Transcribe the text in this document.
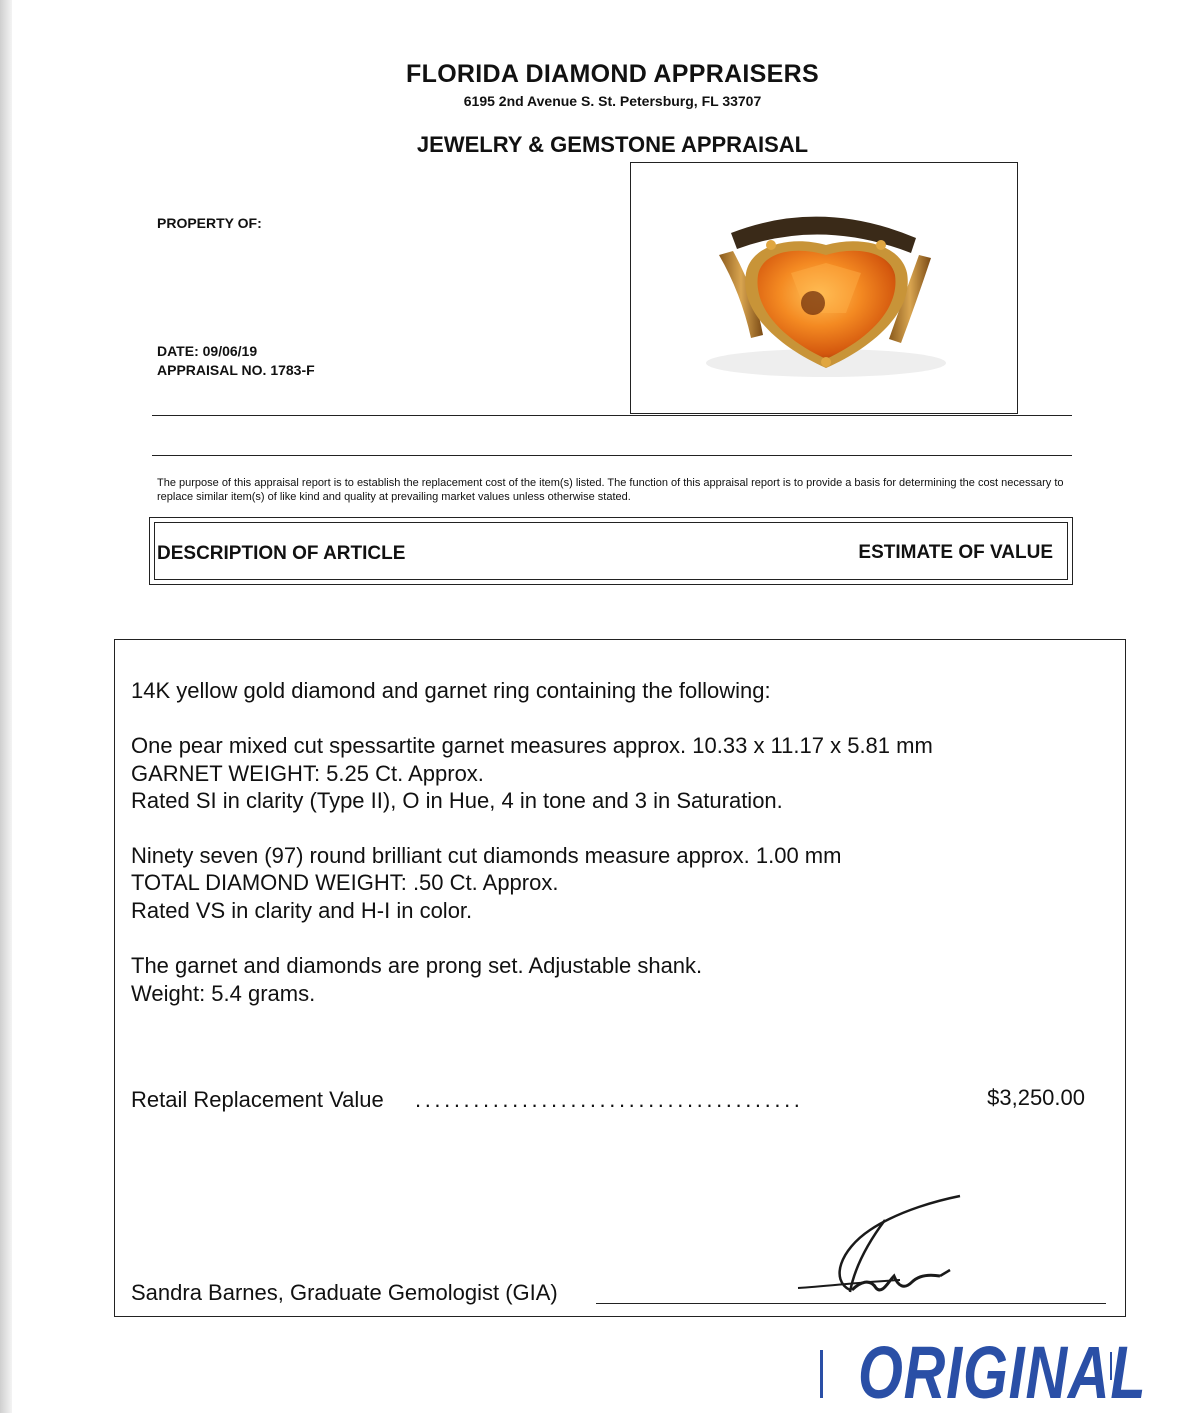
FLORIDA DIAMOND APPRAISERS
6195 2nd Avenue S. St. Petersburg, FL 33707
JEWELRY & GEMSTONE APPRAISAL
PROPERTY OF:
DATE: 09/06/19
APPRAISAL NO. 1783-F
The purpose of this appraisal report is to establish the replacement cost of the item(s) listed. The function of this appraisal report is to provide a basis for determining the cost necessary to replace similar item(s) of like kind and quality at prevailing market values unless otherwise stated.
DESCRIPTION OF ARTICLE	ESTIMATE OF VALUE
14K yellow gold diamond and garnet ring containing the following:
One pear mixed cut spessartite garnet measures approx. 10.33 x 11.17 x 5.81 mm
GARNET WEIGHT: 5.25 Ct. Approx.
Rated SI in clarity (Type II), O in Hue, 4 in tone and 3 in Saturation.
Ninety seven (97) round brilliant cut diamonds measure approx. 1.00 mm
TOTAL DIAMOND WEIGHT: .50 Ct. Approx.
Rated VS in clarity and H-I in color.
The garnet and diamonds are prong set. Adjustable shank.
Weight: 5.4 grams.
Retail Replacement Value ........................................	$3,250.00
Sandra Barnes, Graduate Gemologist (GIA)
ORIGINAL
